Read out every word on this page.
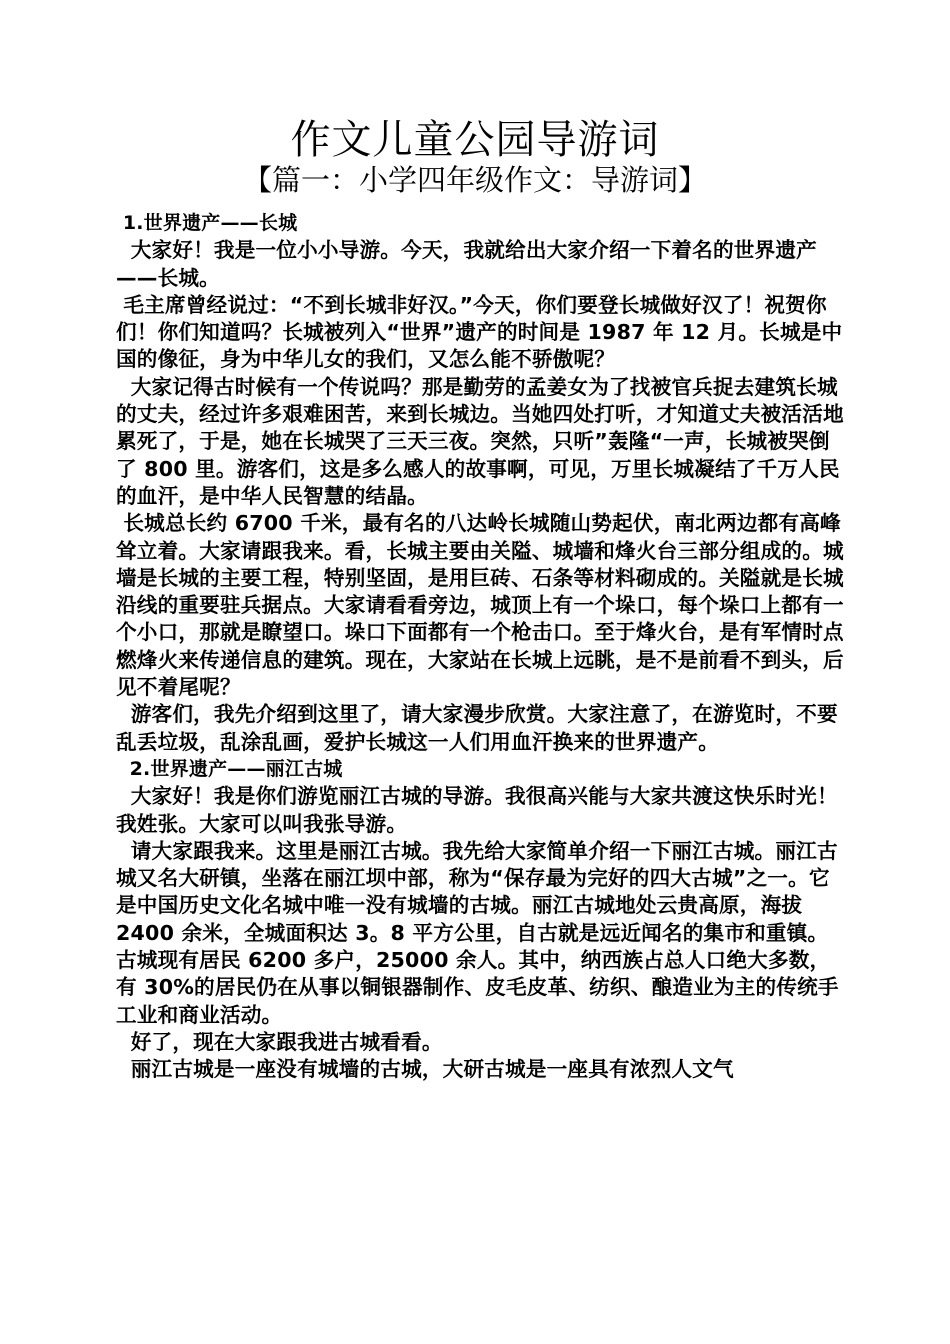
作文儿童公园导游词
【篇一：小学四年级作文：导游词】

1.世界遗产——长城

大家好！我是一位小小导游。今天，我就给出大家介绍一下着名的世界遗产——长城。

毛主席曾经说过：“不到长城非好汉。”今天，你们要登长城做好汉了！祝贺你们！你们知道吗？长城被列入“世界”遗产的时间是 1987 年 12 月。长城是中国的像征，身为中华儿女的我们，又怎么能不骄傲呢？

大家记得古时候有一个传说吗？那是勤劳的孟姜女为了找被官兵捉去建筑长城的丈夫，经过许多艰难困苦，来到长城边。当她四处打听，才知道丈夫被活活地累死了，于是，她在长城哭了三天三夜。突然，只听”轰隆“一声，长城被哭倒了 800 里。游客们，这是多么感人的故事啊，可见，万里长城凝结了千万人民的血汗，是中华人民智慧的结晶。

长城总长约 6700 千米，最有名的八达岭长城随山势起伏，南北两边都有高峰耸立着。大家请跟我来。看，长城主要由关隘、城墙和烽火台三部分组成的。城墙是长城的主要工程，特别坚固，是用巨砖、石条等材料砌成的。关隘就是长城沿线的重要驻兵据点。大家请看看旁边，城顶上有一个垛口，每个垛口上都有一个小口，那就是瞭望口。垛口下面都有一个枪击口。至于烽火台，是有军情时点燃烽火来传递信息的建筑。现在，大家站在长城上远眺，是不是前看不到头，后见不着尾呢？

游客们，我先介绍到这里了，请大家漫步欣赏。大家注意了，在游览时，不要乱丢垃圾，乱涂乱画，爱护长城这一人们用血汗换来的世界遗产。

2.世界遗产——丽江古城

大家好！我是你们游览丽江古城的导游。我很高兴能与大家共渡这快乐时光！我姓张。大家可以叫我张导游。

请大家跟我来。这里是丽江古城。我先给大家简单介绍一下丽江古城。丽江古城又名大研镇，坐落在丽江坝中部，称为“保存最为完好的四大古城”之一。它是中国历史文化名城中唯一没有城墙的古城。丽江古城地处云贵高原，海拔 2400 余米，全城面积达 3。8 平方公里，自古就是远近闻名的集市和重镇。古城现有居民 6200 多户，25000 余人。其中，纳西族占总人口绝大多数，有 30%的居民仍在从事以铜银器制作、皮毛皮革、纺织、酿造业为主的传统手工业和商业活动。

好了，现在大家跟我进古城看看。

丽江古城是一座没有城墙的古城，大研古城是一座具有浓烈人文气
